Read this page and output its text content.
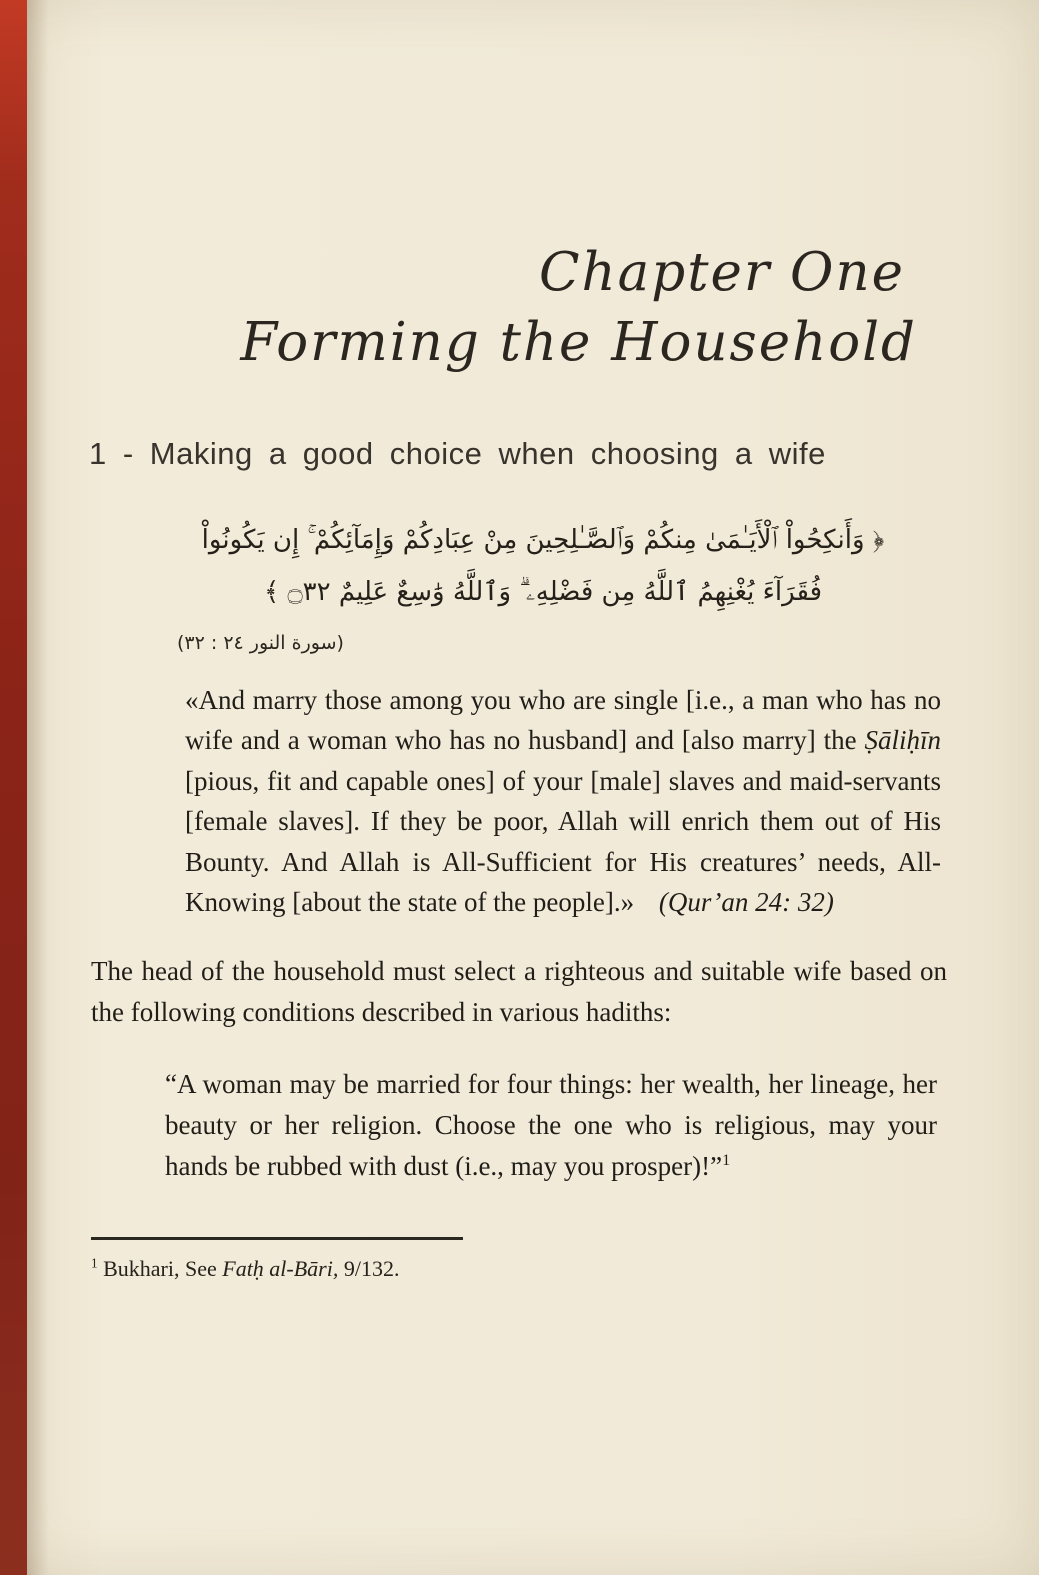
Chapter One
Forming the Household
1 - Making a good choice when choosing a wife
﴿ وَأَنكِحُواْ ٱلْأَيَـٰمَىٰ مِنكُمْ وَٱلصَّـٰلِحِينَ مِنْ عِبَادِكُمْ وَإِمَآئِكُمْ ۚ إِن يَكُونُواْ
فُقَرَآءَ يُغْنِهِمُ ٱللَّهُ مِن فَضْلِهِۦ ۗ وَٱللَّهُ وَٰسِعٌ عَلِيمٌ ۝٣٢ ﴾
(سورة النور ٢٤ : ٣٢)

«And marry those among you who are single [i.e., a man who has no wife and a woman who has no husband] and [also marry] the Ṣāliḥīn [pious, fit and capable ones] of your [male] slaves and maid-servants [female slaves]. If they be poor, Allah will enrich them out of His Bounty. And Allah is All-Sufficient for His creatures’ needs, All-Knowing [about the state of the people].» (Qur’an 24: 32)

The head of the household must select a righteous and suitable wife based on the following conditions described in various hadiths:

“A woman may be married for four things: her wealth, her lineage, her beauty or her religion. Choose the one who is religious, may your hands be rubbed with dust (i.e., may you prosper)!”$^1$

$^1$ Bukhari, See Fatḥ al-Bāri, 9/132.
